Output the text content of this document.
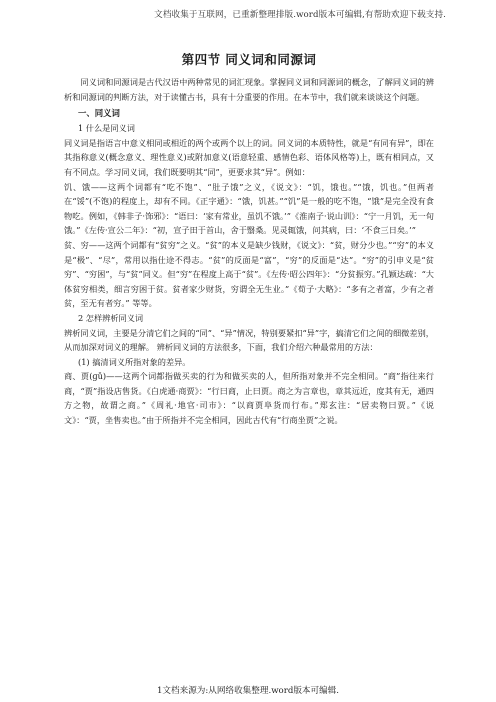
文档收集于互联网，已重新整理排版.word版本可编辑,有帮助欢迎下载支持.
第四节 同义词和同源词

同义词和同源词是古代汉语中两种常见的词汇现象。掌握同义词和同源词的概念，了解同义词的辨析和同源词的判断方法，对于读懂古书，具有十分重要的作用。在本节中，我们就来谈谈这个问题。

一、同义词
1 什么是同义词

同义词是指语言中意义相同或相近的两个或两个以上的词。同义词的本质特性，就是“有同有异”，即在其指称意义(概念意义、理性意义)或附加意义(语意轻重、感情色彩、语体风格等)上，既有相同点，又有不同点。学习同义词，我们既要明其“同”，更要求其“异”。例如：

饥、饿——这两个词都有“吃不饱”、“肚子饿”之义，《说文》：“饥，饿也。”“饿，饥也。”但两者在“馁”(不饱)的程度上，却有不同。《正字通》：“饿，饥甚。”“饥”是一般的吃不饱，“饿”是完全没有食物吃。例如，《韩非子·饰邪》：“语曰：‘家有常业，虽饥不饿。’”《淮南子·说山训》：“宁一月饥，无一旬饿。”《左传·宣公二年》：“初，宣子田于首山，舍于翳桑。见灵辄饿，问其病，曰：‘不食三日矣。’”

贫、穷——这两个词都有“贫穷”之义。“贫”的本义是缺少钱财，《说文》：“贫，财分少也。”“穷”的本义是“极”、“尽”，常用以指仕途不得志。“贫”的反面是“富”，“穷”的反面是“达”。“穷”的引申义是“贫穷”、“穷困”，与“贫”同义。但“穷”在程度上高于“贫”。《左传·昭公四年》：“分贫振穷。”孔颖达疏：“大体贫穷相类，细言穷困于贫。贫者家少财货，穷谓全无生业。”《荀子·大略》：“多有之者富，少有之者贫，至无有者穷。” 等等。

2 怎样辨析同义词

辨析同义词，主要是分清它们之间的“同”、“异”情况，特别要紧扣“异”字，搞清它们之间的细微差别，从而加深对词义的理解。 辨析同义词的方法很多，下面，我们介绍六种最常用的方法：

(1) 搞清词义所指对象的差异。

商、贾(ɡǔ)——这两个词都指做买卖的行为和做买卖的人，但所指对象并不完全相同。“商”指往来行商，“贾”指设店售货。《白虎通·商贾》：“行曰商，止曰贾。商之为言章也，章其远近，度其有无，通四方之物，故谓之商。”《周礼·地官·司市》：“以商贾阜货而行布。”郑玄注：“居卖物曰贾。”《说文》：“贾，坐售卖也。”由于所指并不完全相同，因此古代有“行商坐贾”之说。

1文档来源为:从网络收集整理.word版本可编辑.
